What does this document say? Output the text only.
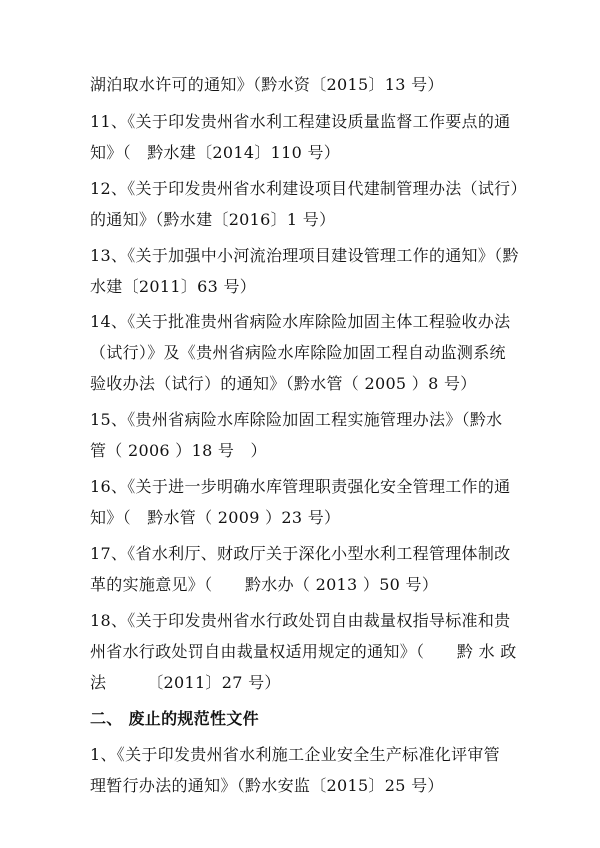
湖泊取水许可的通知》（黔水资〔2015〕13 号）
11、《关于印发贵州省水利工程建设质量监督工作要点的通
知》（　黔水建〔2014〕110 号）
12、《关于印发贵州省水利建设项目代建制管理办法（试行）
的通知》（黔水建〔2016〕1 号）
13、《关于加强中小河流治理项目建设管理工作的通知》（黔
水建〔2011〕63 号）
14、《关于批准贵州省病险水库除险加固主体工程验收办法
（试行）》及《贵州省病险水库除险加固工程自动监测系统
验收办法（试行）的通知》（黔水管（ 2005 ）8 号）
15、《贵州省病险水库除险加固工程实施管理办法》（黔水
管（ 2006 ）18 号　）
16、《关于进一步明确水库管理职责强化安全管理工作的通
知》（　黔水管（ 2009 ）23 号）
17、《省水利厅、财政厅关于深化小型水利工程管理体制改
革的实施意见》（　　黔水办（ 2013 ）50 号）
18、《关于印发贵州省水行政处罚自由裁量权指导标准和贵
州省水行政处罚自由裁量权适用规定的通知》（　　黔 水 政
法　　　〔2011〕27 号）
二、 废止的规范性文件
1、《关于印发贵州省水利施工企业安全生产标准化评审管
理暂行办法的通知》（黔水安监〔2015〕25 号）
